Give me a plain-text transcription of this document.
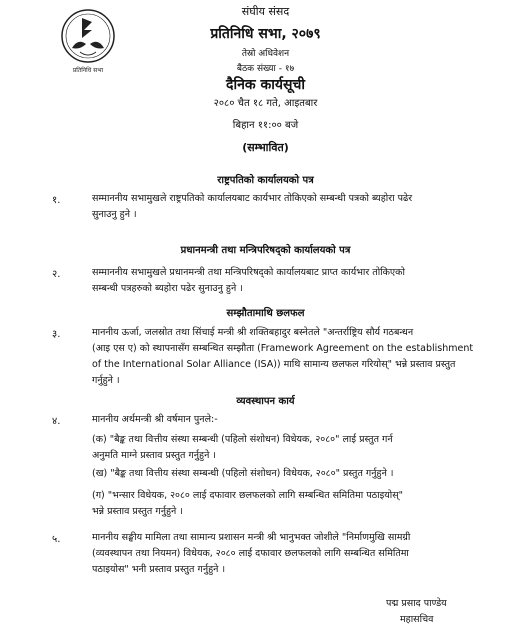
प्रतिनिधि सभा
संघीय संसद
प्रतिनिधि सभा, २०७९
तेस्रो अधिवेशन
बैठक संख्या - १७
दैनिक कार्यसूची
२०८० चैत १८ गते, आइतबार
बिहान ११:०० बजे
(सम्भावित)
राष्ट्रपतिको कार्यालयको पत्र
१.	सम्माननीय सभामुखले राष्ट्रपतिको कार्यालयबाट कार्यभार तोकिएको सम्बन्धी पत्रको ब्यहोरा पढेर
सुनाउनु हुने ।
प्रधानमन्त्री तथा मन्त्रिपरिषद्को कार्यालयको पत्र
२.	सम्माननीय सभामुखले प्रधानमन्त्री तथा मन्त्रिपरिषद्को कार्यालयबाट प्राप्त कार्यभार तोकिएको
सम्बन्धी पत्रहरुको ब्यहोरा पढेर सुनाउनु हुने ।
सम्झौतामाथि छलफल
३.	माननीय ऊर्जा, जलस्रोत तथा सिंचाई मन्त्री श्री शक्तिबहादुर बस्नेतले "अन्तर्राष्ट्रिय सौर्य गठबन्धन
(आइ एस ए) को स्थापनासँग सम्बन्धित सम्झौता (Framework Agreement on the establishment
of the International Solar Alliance (ISA)) माथि सामान्य छलफल गरियोस्" भन्ने प्रस्ताव प्रस्तुत
गर्नुहुने ।
व्यवस्थापन कार्य
४.	माननीय अर्थमन्त्री श्री वर्षमान पुनले:-
(क) "बैङ्क तथा वित्तीय संस्था सम्बन्धी (पहिलो संशोधन) विधेयक, २०८०" लाई प्रस्तुत गर्न
अनुमति माग्ने प्रस्ताव प्रस्तुत गर्नुहुने ।
(ख) "बैङ्क तथा वित्तीय संस्था सम्बन्धी (पहिलो संशोधन) विधेयक, २०८०" प्रस्तुत गर्नुहुने ।
(ग) "भन्सार विधेयक, २०८० लाई दफावार छलफलको लागि सम्बन्धित समितिमा पठाइयोस्"
भन्ने प्रस्ताव प्रस्तुत गर्नुहुने ।
५.	माननीय सङ्घीय मामिला तथा सामान्य प्रशासन मन्त्री श्री भानुभक्त जोशीले "निर्माणमुखि सामग्री
(व्यवस्थापन तथा नियमन) विधेयक, २०८० लाई दफावार छलफलको लागि सम्बन्धित समितिमा
पठाइयोस" भनी प्रस्ताव प्रस्तुत गर्नुहुने ।
पद्म प्रसाद पाण्डेय
महासचिव
